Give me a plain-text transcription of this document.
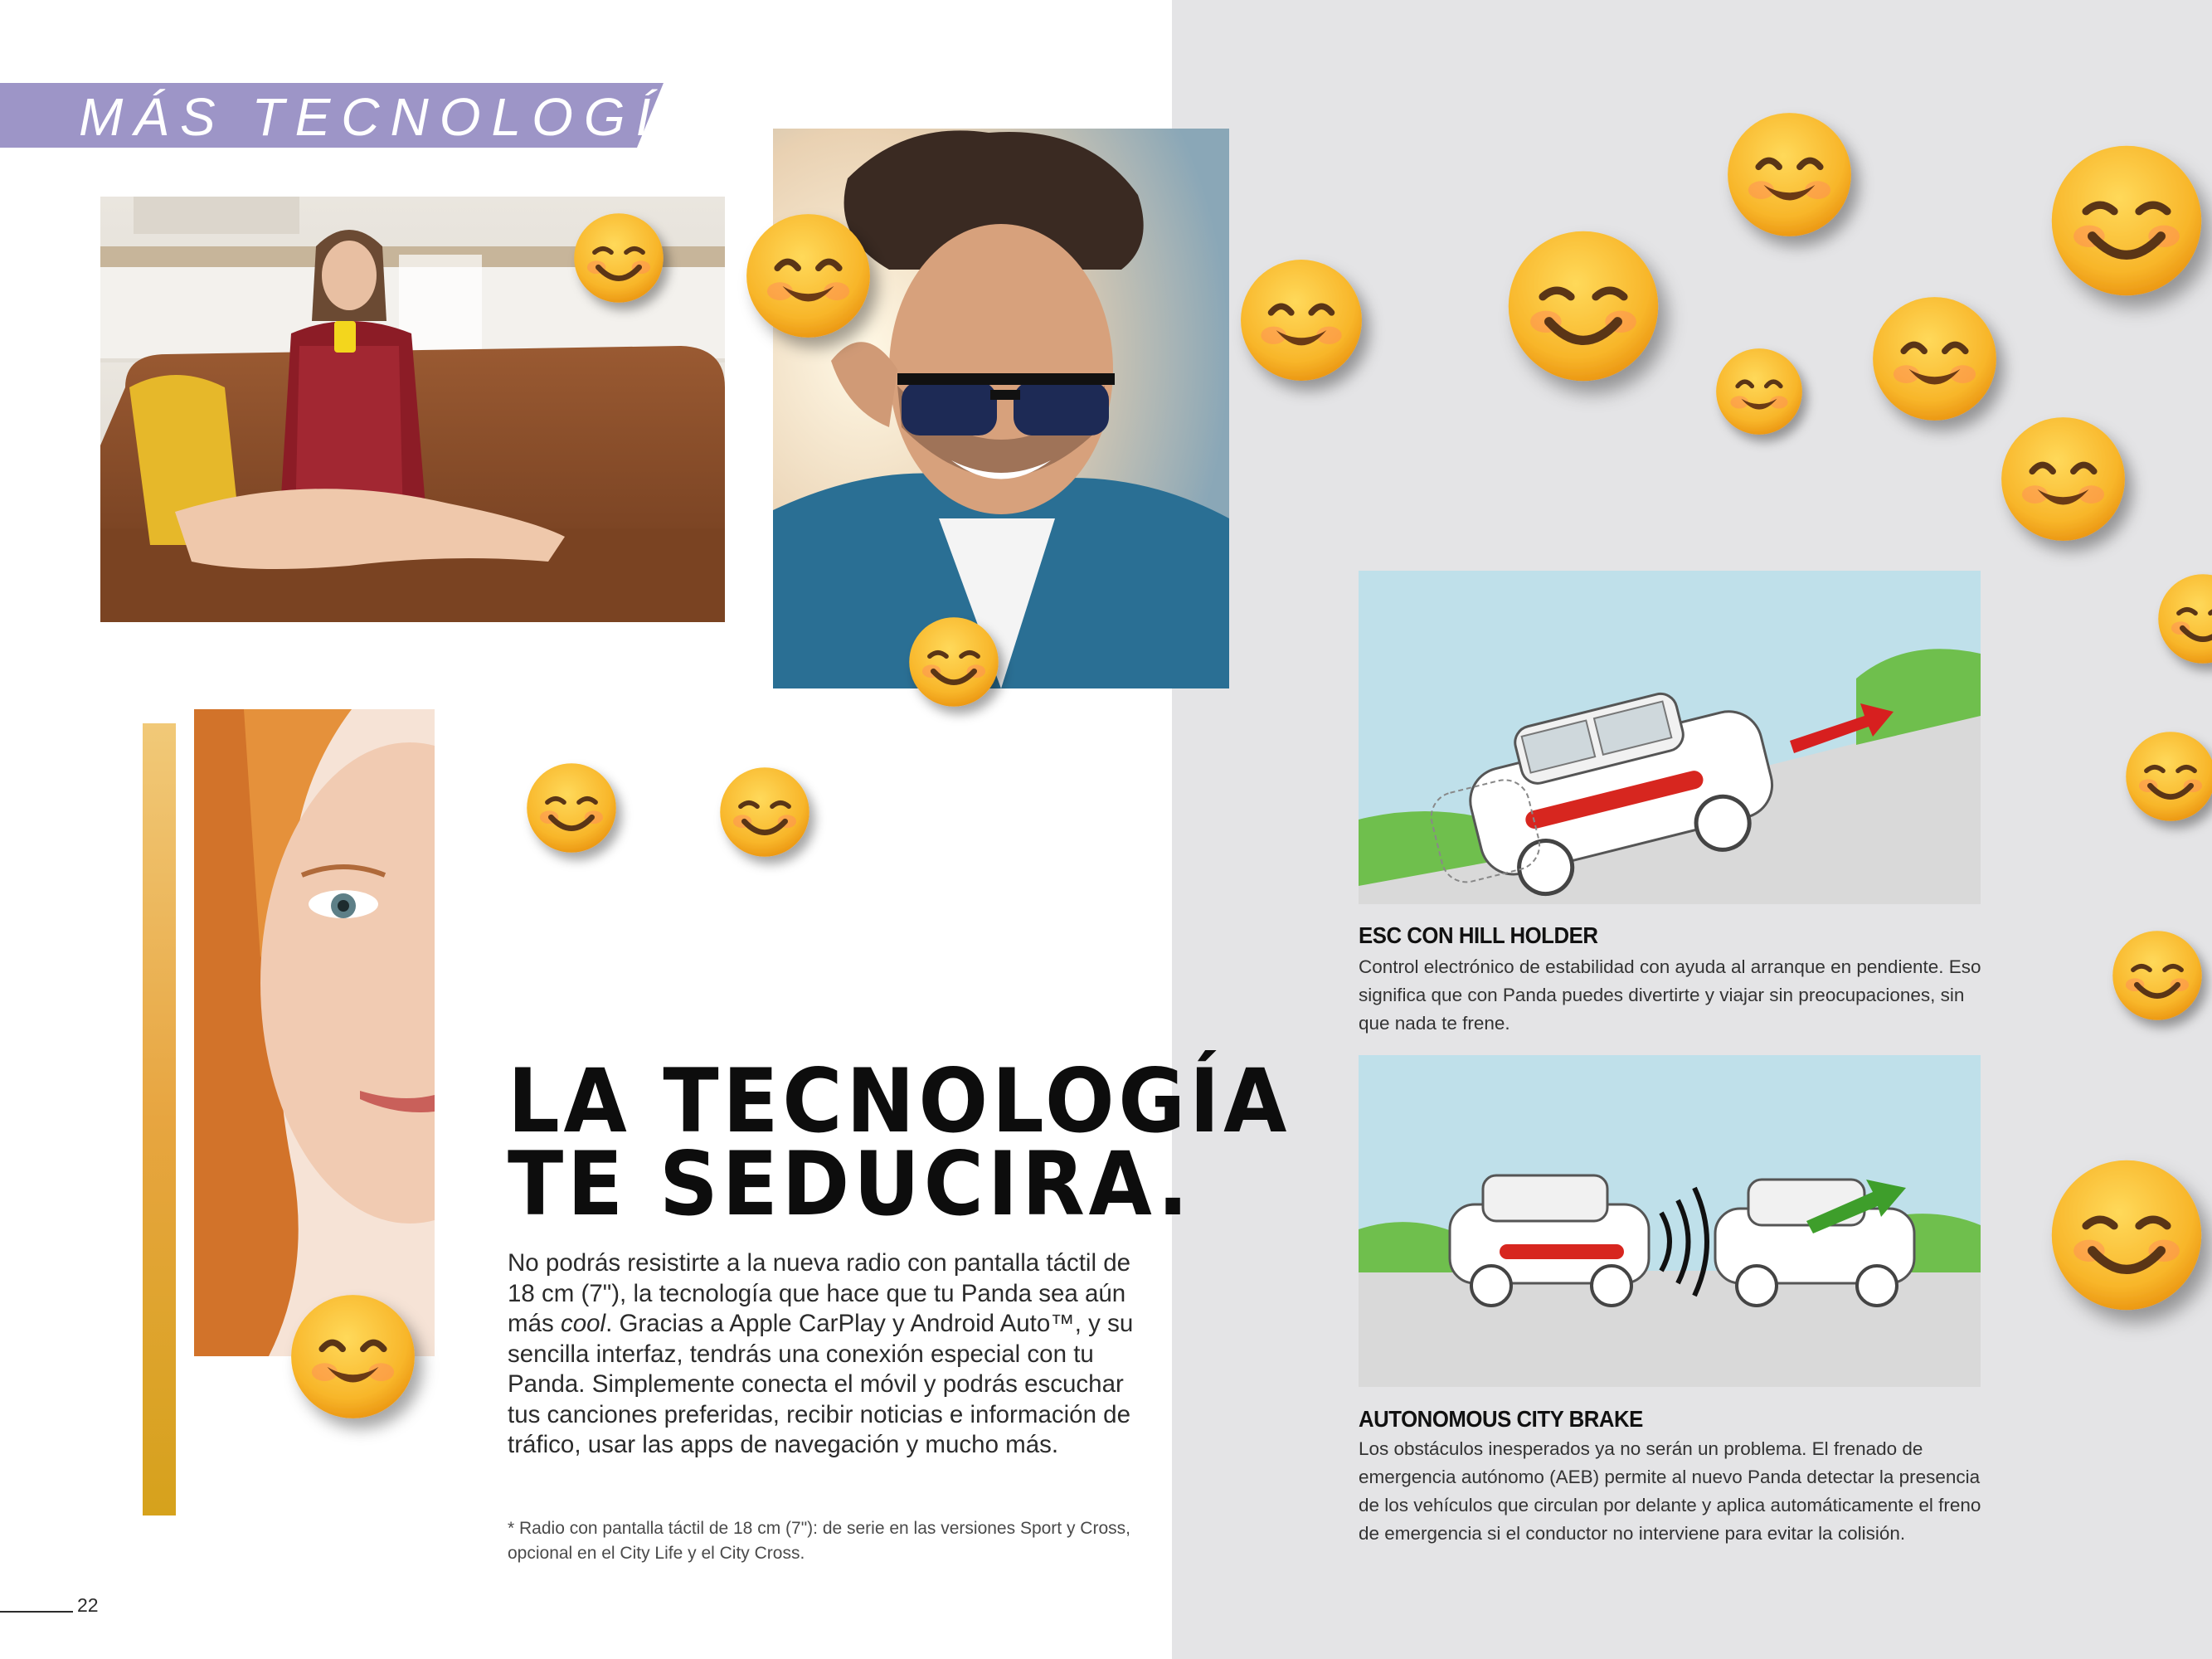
MÁS TECNOLOGÍA
LA TECNOLOGÍA
TE SEDUCIRA.
No podrás resistirte a la nueva radio con pantalla táctil de 18 cm (7"), la tecnología que hace que tu Panda sea aún más cool. Gracias a Apple CarPlay y Android Auto™, y su sencilla interfaz, tendrás una conexión especial con tu Panda. Simplemente conecta el móvil y podrás escuchar tus canciones preferidas, recibir noticias e información de tráfico, usar las apps de navegación y mucho más.
* Radio con pantalla táctil de 18 cm (7"): de serie en las versiones Sport y Cross, opcional en el City Life y el City Cross.
22
ESC CON HILL HOLDER
Control electrónico de estabilidad con ayuda al arranque en pendiente. Eso significa que con Panda puedes divertirte y viajar sin preocupaciones, sin que nada te frene.
AUTONOMOUS CITY BRAKE
Los obstáculos inesperados ya no serán un problema. El frenado de emergencia autónomo (AEB) permite al nuevo Panda detectar la presencia de los vehículos que circulan por delante y aplica automáticamente el freno de emergencia si el conductor no interviene para evitar la colisión.
